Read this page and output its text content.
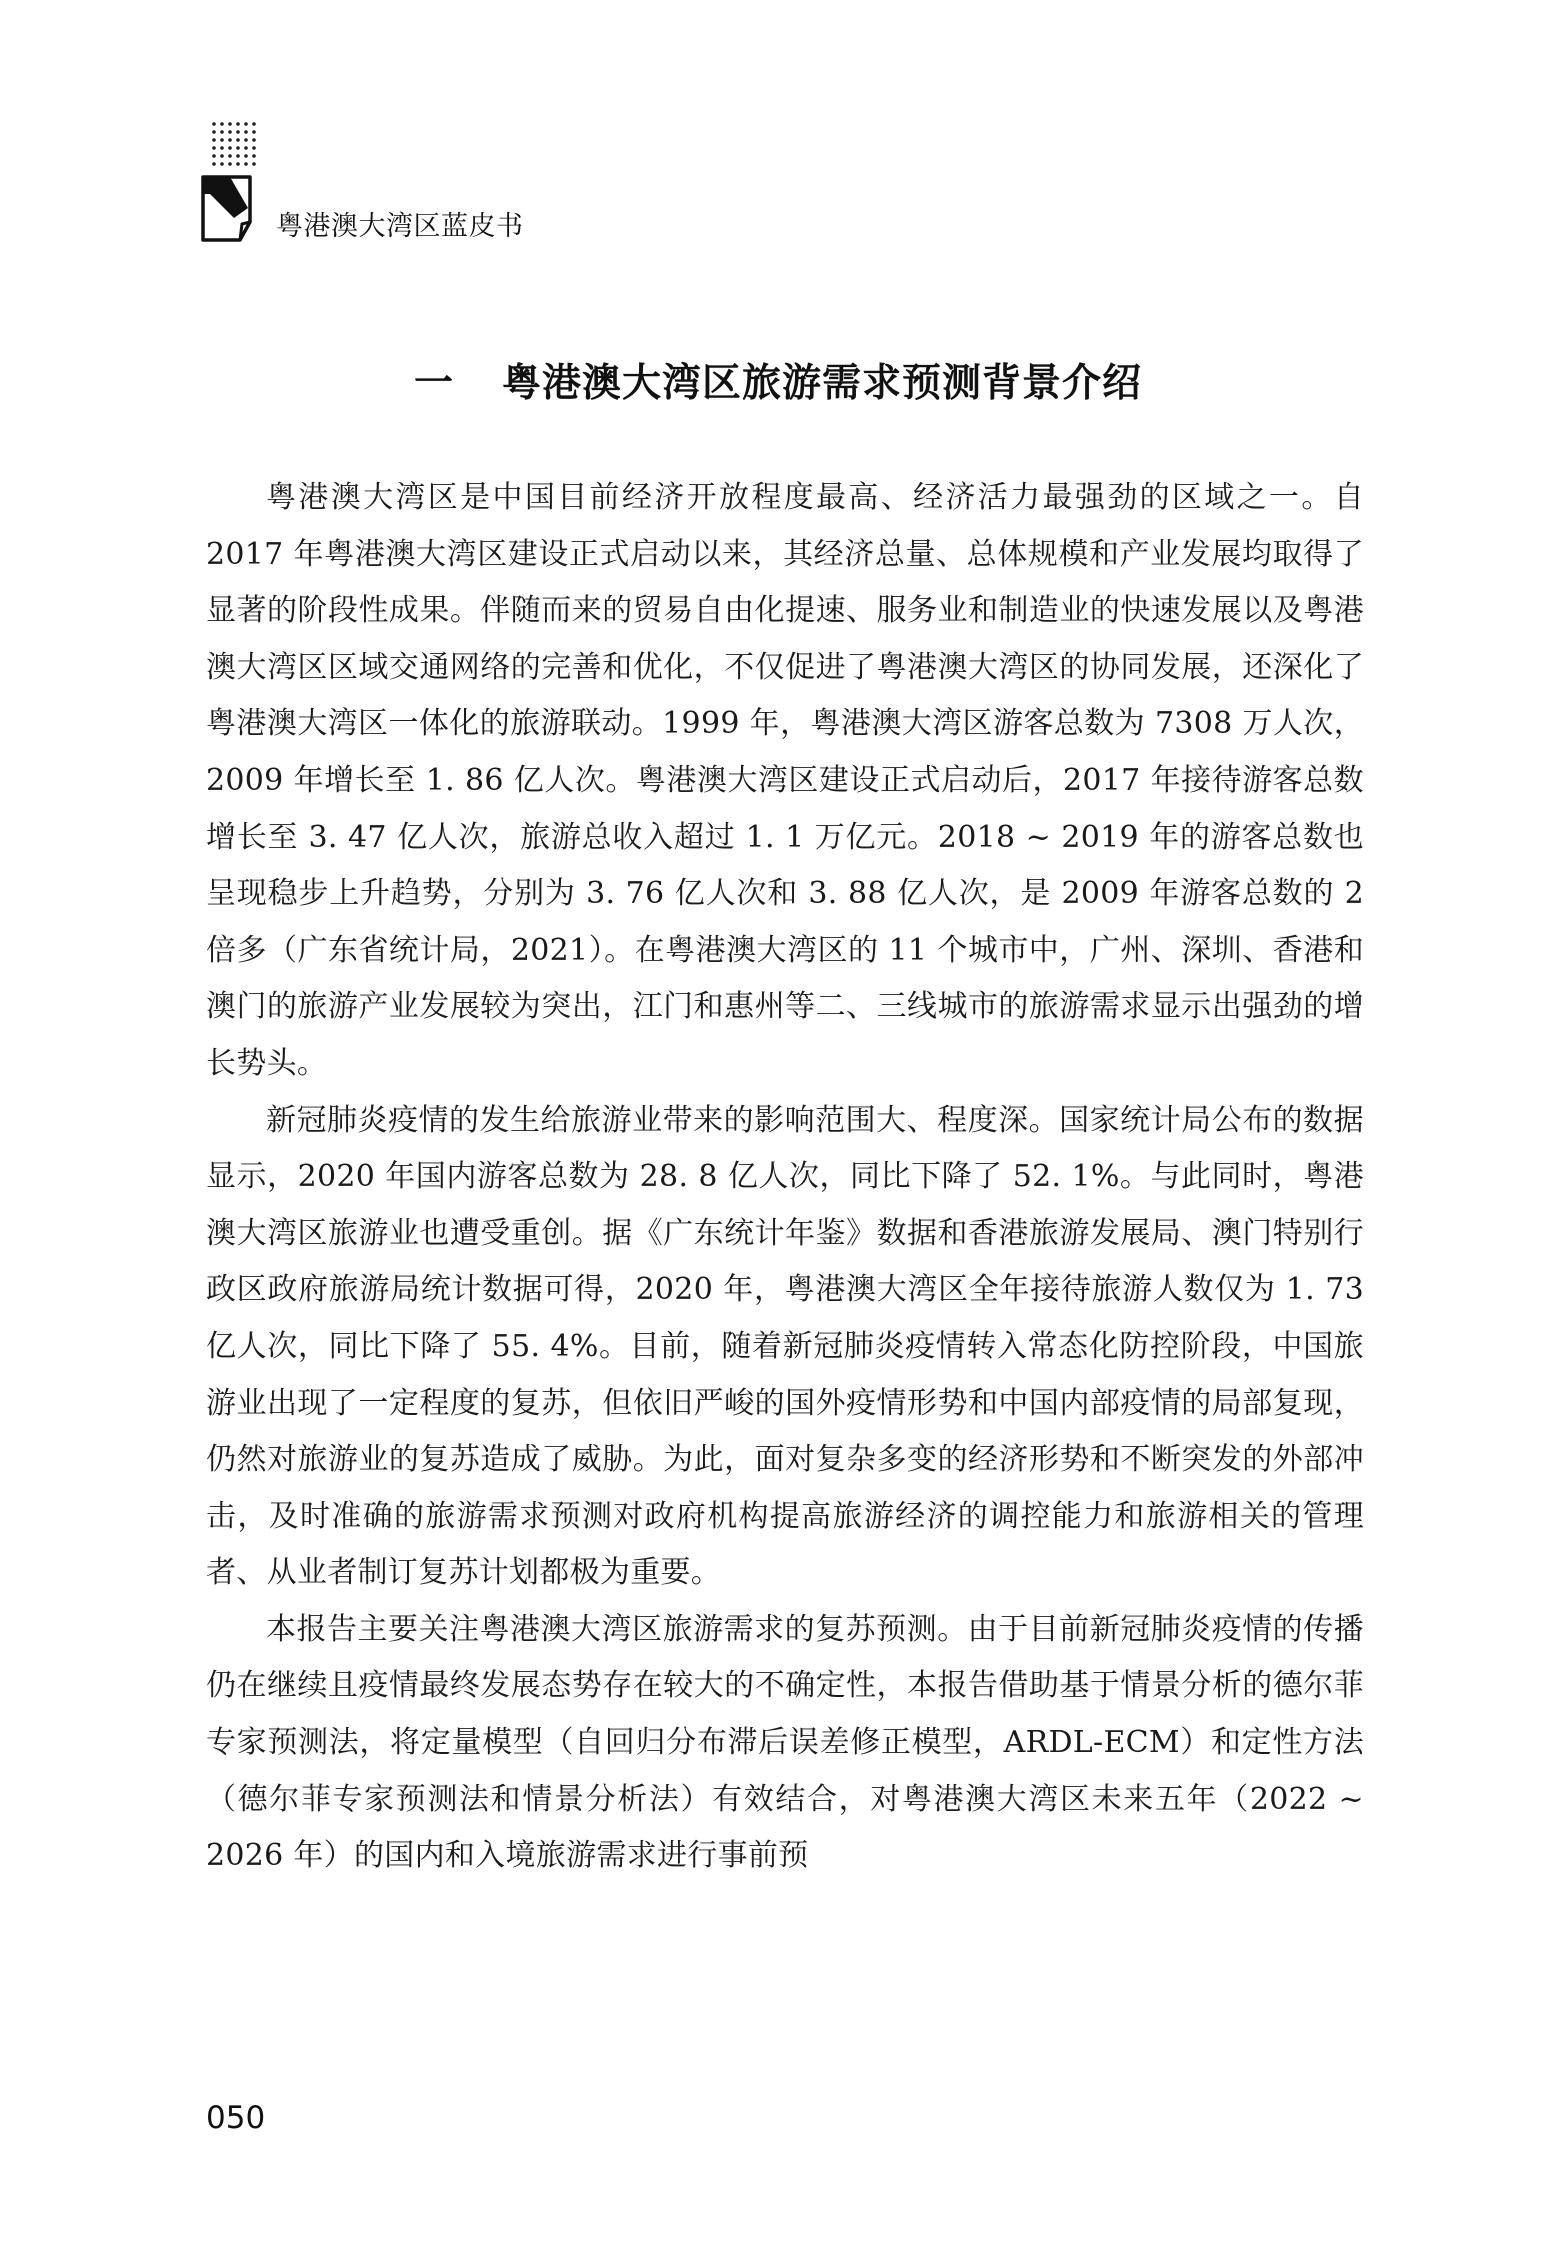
粤港澳大湾区蓝皮书
一 粤港澳大湾区旅游需求预测背景介绍

粤港澳大湾区是中国目前经济开放程度最高、经济活力最强劲的区域之一。自 2017 年粤港澳大湾区建设正式启动以来，其经济总量、总体规模和产业发展均取得了显著的阶段性成果。伴随而来的贸易自由化提速、服务业和制造业的快速发展以及粤港澳大湾区区域交通网络的完善和优化，不仅促进了粤港澳大湾区的协同发展，还深化了粤港澳大湾区一体化的旅游联动。1999 年，粤港澳大湾区游客总数为 7308 万人次，2009 年增长至 1. 86 亿人次。粤港澳大湾区建设正式启动后，2017 年接待游客总数增长至 3. 47 亿人次，旅游总收入超过 1. 1 万亿元。2018 ~ 2019 年的游客总数也呈现稳步上升趋势，分别为 3. 76 亿人次和 3. 88 亿人次，是 2009 年游客总数的 2 倍多（广东省统计局，2021）。在粤港澳大湾区的 11 个城市中，广州、深圳、香港和澳门的旅游产业发展较为突出，江门和惠州等二、三线城市的旅游需求显示出强劲的增长势头。

新冠肺炎疫情的发生给旅游业带来的影响范围大、程度深。国家统计局公布的数据显示，2020 年国内游客总数为 28. 8 亿人次，同比下降了 52. 1%。与此同时，粤港澳大湾区旅游业也遭受重创。据《广东统计年鉴》数据和香港旅游发展局、澳门特别行政区政府旅游局统计数据可得，2020 年，粤港澳大湾区全年接待旅游人数仅为 1. 73 亿人次，同比下降了 55. 4%。目前，随着新冠肺炎疫情转入常态化防控阶段，中国旅游业出现了一定程度的复苏，但依旧严峻的国外疫情形势和中国内部疫情的局部复现，仍然对旅游业的复苏造成了威胁。为此，面对复杂多变的经济形势和不断突发的外部冲击，及时准确的旅游需求预测对政府机构提高旅游经济的调控能力和旅游相关的管理者、从业者制订复苏计划都极为重要。

本报告主要关注粤港澳大湾区旅游需求的复苏预测。由于目前新冠肺炎疫情的传播仍在继续且疫情最终发展态势存在较大的不确定性，本报告借助基于情景分析的德尔菲专家预测法，将定量模型（自回归分布滞后误差修正模型，ARDL-ECM）和定性方法（德尔菲专家预测法和情景分析法）有效结合，对粤港澳大湾区未来五年（2022 ~ 2026 年）的国内和入境旅游需求进行事前预

050
